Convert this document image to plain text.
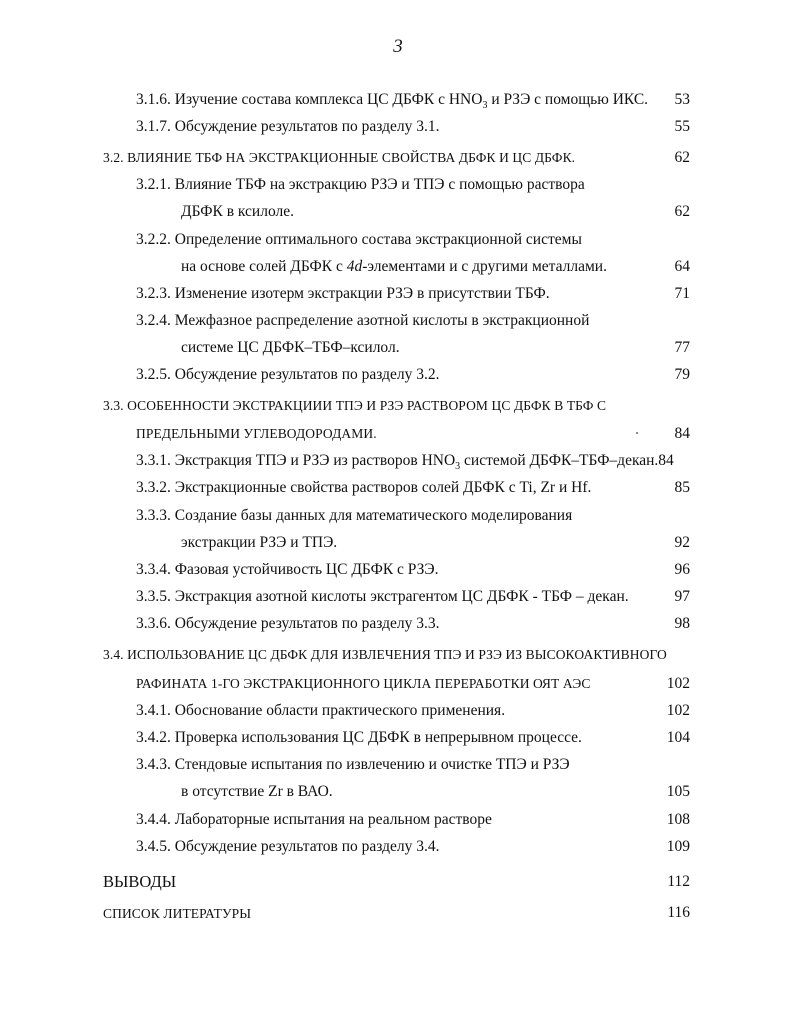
3
3.1.6. Изучение состава комплекса ЦС ДБФК с $HNO_3$ и РЗЭ с помощью ИКС.	53
3.1.7. Обсуждение результатов по разделу 3.1.	55
3.2. ВЛИЯНИЕ ТБФ НА ЭКСТРАКЦИОННЫЕ СВОЙСТВА ДБФК И ЦС ДБФК.	62
3.2.1. Влияние ТБФ на экстракцию РЗЭ и ТПЭ с помощью раствора
ДБФК в ксилоле.	62
3.2.2. Определение оптимального состава экстракционной системы
на основе солей ДБФК с 4d-элементами и с другими металлами.	64
3.2.3. Изменение изотерм экстракции РЗЭ в присутствии ТБФ.	71
3.2.4. Межфазное распределение азотной кислоты в экстракционной
системе ЦС ДБФК–ТБФ–ксилол.	77
3.2.5. Обсуждение результатов по разделу 3.2.	79
3.3. ОСОБЕННОСТИ ЭКСТРАКЦИИИ ТПЭ И РЗЭ РАСТВОРОМ ЦС ДБФК В ТБФ С
ПРЕДЕЛЬНЫМИ УГЛЕВОДОРОДАМИ.	84
3.3.1. Экстракция ТПЭ и РЗЭ из растворов $HNO_3$ системой ДБФК–ТБФ–декан.84
3.3.2. Экстракционные свойства растворов солей ДБФК с Ti, Zr и Hf.	85
3.3.3. Создание базы данных для математического моделирования
экстракции РЗЭ и ТПЭ.	92
3.3.4. Фазовая устойчивость ЦС ДБФК с РЗЭ.	96
3.3.5. Экстракция азотной кислоты экстрагентом ЦС ДБФК - ТБФ – декан.	97
3.3.6. Обсуждение результатов по разделу 3.3.	98
3.4. ИСПОЛЬЗОВАНИЕ ЦС ДБФК ДЛЯ ИЗВЛЕЧЕНИЯ ТПЭ И РЗЭ ИЗ ВЫСОКОАКТИВНОГО
РАФИНАТА 1-ГО ЭКСТРАКЦИОННОГО ЦИКЛА ПЕРЕРАБОТКИ ОЯТ АЭС	102
3.4.1. Обоснование области практического применения.	102
3.4.2. Проверка использования ЦС ДБФК в непрерывном процессе.	104
3.4.3. Стендовые испытания по извлечению и очистке ТПЭ и РЗЭ
в отсутствие Zr в ВАО.	105
3.4.4. Лабораторные испытания на реальном растворе	108
3.4.5. Обсуждение результатов по разделу 3.4.	109
ВЫВОДЫ	112
СПИСОК ЛИТЕРАТУРЫ	116
